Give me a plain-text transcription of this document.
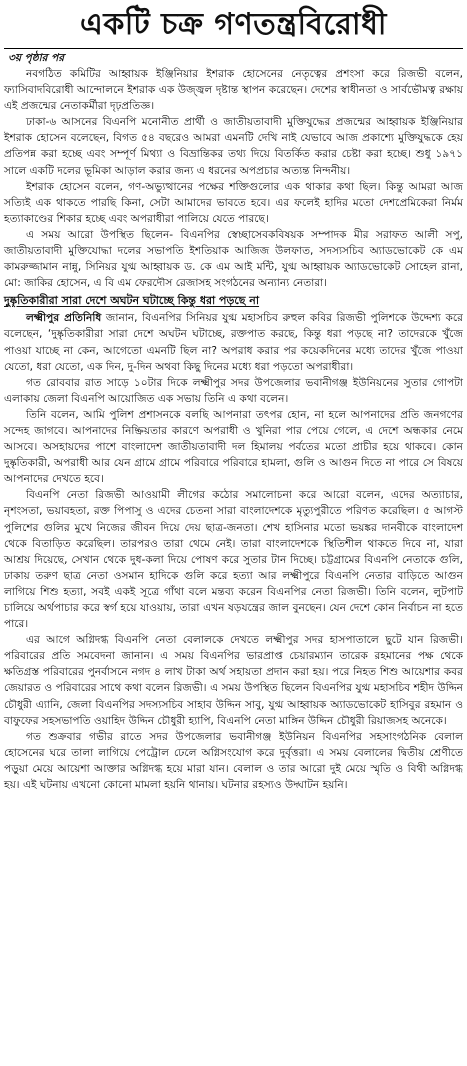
একটি চক্র গণতন্ত্রবিরোধী
৩য় পৃষ্ঠার পর

নবগঠিত কমিটির আহ্বায়ক ইঞ্জিনিয়ার ইশরাক হোসেনের নেতৃত্বের প্রশংসা করে রিজভী বলেন, ফ্যাসিবাদবিরোধী আন্দোলনে ইশরাক এক উজ্জ্বল দৃষ্টান্ত স্থাপন করেছেন। দেশের স্বাধীনতা ও সার্বভৌমত্ব রক্ষায় এই প্রজন্মের নেতাকর্মীরা দৃঢ়প্রতিজ্ঞ।

ঢাকা-৬ আসনের বিএনপি মনোনীত প্রার্থী ও জাতীয়তাবাদী মুক্তিযুদ্ধের প্রজন্মের আহ্বায়ক ইঞ্জিনিয়ার ইশরাক হোসেন বলেছেন, বিগত ৫৪ বছরেও আমরা এমনটি দেখি নাই যেভাবে আজ প্রকাশ্যে মুক্তিযুদ্ধকে হেয় প্রতিপন্ন করা হচ্ছে এবং সম্পূর্ণ মিথ্যা ও বিভ্রান্তিকর তথ্য দিয়ে বিতর্কিত করার চেষ্টা করা হচ্ছে। শুধু ১৯৭১ সালে একটি দলের ভূমিকা আড়াল করার জন্য এ ধরনের অপপ্রচার অত্যন্ত নিন্দনীয়।

ইশরাক হোসেন বলেন, গণ-অভ্যুত্থানের পক্ষের শক্তিগুলোর এক থাকার কথা ছিল। কিন্তু আমরা আজ সত্যিই এক থাকতে পারছি কিনা, সেটা আমাদের ভাবতে হবে। এর ফলেই হাদির মতো দেশপ্রেমিকেরা নির্মম হত্যাকাণ্ডের শিকার হচ্ছে এবং অপরাধীরা পালিয়ে যেতে পারছে।

এ সময় আরো উপস্থিত ছিলেন- বিএনপির স্বেচ্ছাসেবকবিষয়ক সম্পাদক মীর সরাফত আলী সপু, জাতীয়তাবাদী মুক্তিযোদ্ধা দলের সভাপতি ইশতিয়াক আজিজ উলফাত, সদস্যসচিব অ্যাডভোকেট কে এম কামরুজ্জামান নান্নু, সিনিয়র যুগ্ম আহ্বায়ক ড. কে এম আই মন্টি, যুগ্ম আহ্বায়ক অ্যাডভোকেট সোহেল রানা, মো: জাকির হোসেন, এ বি এম ফেরদৌস রেজাসহ সংগঠনের অন্যান্য নেতারা।

দুষ্কৃতিকারীরা সারা দেশে অঘটন ঘটাচ্ছে কিন্তু ধরা পড়ছে না

লক্ষ্মীপুর প্রতিনিধি জানান, বিএনপির সিনিয়র যুগ্ম মহাসচিব রুহুল কবির রিজভী পুলিশকে উদ্দেশ্য করে বলেছেন, ‘দুষ্কৃতিকারীরা সারা দেশে অঘটন ঘটাচ্ছে, রক্তপাত করছে, কিন্তু ধরা পড়ছে না? তাদেরকে খুঁজে পাওয়া যাচ্ছে না কেন, আগেতো এমনটি ছিল না? অপরাধ করার পর কয়েকদিনের মধ্যে তাদের খুঁজে পাওয়া যেতো, ধরা যেতো, এক দিন, দু-দিন অথবা কিছু দিনের মধ্যে ধরা পড়তো অপরাধীরা।

গত রোববার রাত সাড়ে ১০টার দিকে লক্ষ্মীপুর সদর উপজেলার ভবানীগঞ্জ ইউনিয়নের সুতার গোপটা এলাকায় জেলা বিএনপি আয়োজিত এক সভায় তিনি এ কথা বলেন।

তিনি বলেন, আমি পুলিশ প্রশাসনকে বলছি আপনারা তৎপর হোন, না হলে আপনাদের প্রতি জনগণের সন্দেহ জাগবে। আপনাদের নিষ্ক্রিয়তার কারণে অপরাধী ও খুনিরা পার পেয়ে গেলে, এ দেশে অন্ধকার নেমে আসবে। অসহায়দের পাশে বাংলাদেশ জাতীয়তাবাদী দল হিমালয় পর্বতের মতো প্রাচীর হয়ে থাকবে। কোন দুষ্কৃতিকারী, অপরাধী আর যেন গ্রামে গ্রামে পরিবারে পরিবারে হামলা, গুলি ও আগুন দিতে না পারে সে বিষয়ে আপনাদের দেখতে হবে।

বিএনপি নেতা রিজভী আওয়ামী লীগের কঠোর সমালোচনা করে আরো বলেন, এদের অত্যাচার, নৃশংসতা, ভয়াবহতা, রক্ত পিপাসু ও এদের চেতনা সারা বাংলাদেশকে মৃত্যুপুরীতে পরিণত করেছিল। ৫ আগস্ট পুলিশের গুলির মুখে নিজের জীবন দিয়ে দেয় ছাত্র-জনতা। শেখ হাসিনার মতো ভয়ঙ্কর দানবীকে বাংলাদেশ থেকে বিতাড়িত করেছিল। তারপরও তারা থেমে নেই। তারা বাংলাদেশকে স্থিতিশীল থাকতে দিবে না, যারা আশ্রয় দিয়েছে, সেখান থেকে দুধ-কলা দিয়ে পোষণ করে সুতার টান দিচ্ছে। চট্টগ্রামের বিএনপি নেতাকে গুলি, ঢাকায় তরুণ ছাত্র নেতা ওসমান হাদিকে গুলি করে হত্যা আর লক্ষ্মীপুরে বিএনপি নেতার বাড়িতে আগুন লাগিয়ে শিশু হত্যা, সবই একই সূত্রে গাঁথা বলে মন্তব্য করেন বিএনপির নেতা রিজভী। তিনি বলেন, লুটপাট চালিয়ে অর্থপাচার করে স্বর্গ হয়ে যাওয়ায়, তারা এখন ষড়যন্ত্রের জাল বুনছেন। যেন দেশে কোন নির্বাচন না হতে পারে।

এর আগে অগ্নিদগ্ধ বিএনপি নেতা বেলালকে দেখতে লক্ষ্মীপুর সদর হাসপাতালে ছুটে যান রিজভী। পরিবারের প্রতি সমবেদনা জানান। এ সময় বিএনপির ভারপ্রাপ্ত চেয়ারম্যান তারেক রহমানের পক্ষ থেকে ক্ষতিগ্রস্ত পরিবারের পুনর্বাসনে নগদ ৪ লাখ টাকা অর্থ সহায়তা প্রদান করা হয়। পরে নিহত শিশু আয়েশার কবর জেয়ারত ও পরিবারের সাথে কথা বলেন রিজভী। এ সময় উপস্থিত ছিলেন বিএনপির যুগ্ম মহাসচিব শহীদ উদ্দিন চৌধুরী এ্যানি, জেলা বিএনপির সদস্যসচিব সাহাব উদ্দিন সাবু, যুগ্ম আহ্বায়ক অ্যাডভোকেট হাসিবুর রহমান ও বাফুফের সহসভাপতি ওয়াহিদ উদ্দিন চৌধুরী হ্যাপি, বিএনপি নেতা মাঙ্গিন উদ্দিন চৌধুরী রিয়াজসহ অনেকে।

গত শুক্রবার গভীর রাতে সদর উপজেলার ভবানীগঞ্জ ইউনিয়ন বিএনপির সহসাংগঠনিক বেলাল হোসেনের ঘরে তালা লাগিয়ে পেট্রোল ঢেলে অগ্নিসংযোগ করে দুর্বৃত্তরা। এ সময় বেলালের দ্বিতীয় শ্রেণীতে পড়ুয়া মেয়ে আয়েশা আক্তার অগ্নিদগ্ধ হয়ে মারা যান। বেলাল ও তার আরো দুই মেয়ে স্মৃতি ও বিথী অগ্নিদগ্ধ হয়। এই ঘটনায় এখনো কোনো মামলা হয়নি থানায়। ঘটনার রহস্যও উদ্ঘাটন হয়নি।
